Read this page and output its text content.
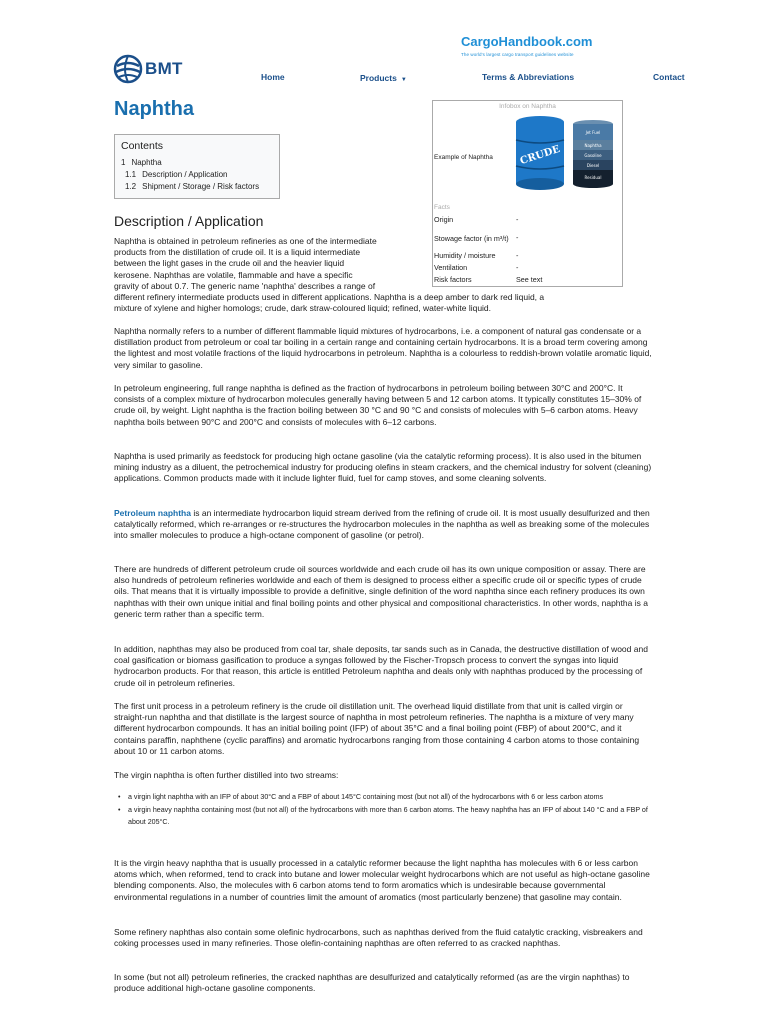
CargoHandbook.com
The world's largest cargo transport guidelines website
BMT	Home	Products ▼	Terms & Abbreviations	Contact
Naphtha
Contents
1 Naphtha
1.1 Description / Application
1.2 Shipment / Storage / Risk factors
Infobox on Naphtha
Example of Naphtha	CRUDE
Jet Fuel
Naphtha
Gasoline
Diesel
Residual
Facts
Origin	-
Stowage factor (in m³/t)	-
Humidity / moisture	-
Ventilation	-
Risk factors	See text
Description / Application
Naphtha is obtained in petroleum refineries as one of the intermediate
products from the distillation of crude oil. It is a liquid intermediate
between the light gases in the crude oil and the heavier liquid
kerosene. Naphthas are volatile, flammable and have a specific
gravity of about 0.7. The generic name 'naphtha' describes a range of
different refinery intermediate products used in different applications. Naphtha is a deep amber to dark red liquid, a
mixture of xylene and higher homologs; crude, dark straw-coloured liquid; refined, water-white liquid.
Naphtha normally refers to a number of different flammable liquid mixtures of hydrocarbons, i.e. a component of natural gas condensate or a distillation product from petroleum or coal tar boiling in a certain range and containing certain hydrocarbons. It is a broad term covering among the lightest and most volatile fractions of the liquid hydrocarbons in petroleum. Naphtha is a colourless to reddish-brown volatile aromatic liquid, very similar to gasoline.
In petroleum engineering, full range naphtha is defined as the fraction of hydrocarbons in petroleum boiling between 30°C and 200°C. It consists of a complex mixture of hydrocarbon molecules generally having between 5 and 12 carbon atoms. It typically constitutes 15–30% of crude oil, by weight. Light naphtha is the fraction boiling between 30 °C and 90 °C and consists of molecules with 5–6 carbon atoms. Heavy naphtha boils between 90°C and 200°C and consists of molecules with 6–12 carbons.
Naphtha is used primarily as feedstock for producing high octane gasoline (via the catalytic reforming process). It is also used in the bitumen mining industry as a diluent, the petrochemical industry for producing olefins in steam crackers, and the chemical industry for solvent (cleaning) applications. Common products made with it include lighter fluid, fuel for camp stoves, and some cleaning solvents.
Petroleum naphtha is an intermediate hydrocarbon liquid stream derived from the refining of crude oil. It is most usually desulfurized and then catalytically reformed, which re-arranges or re-structures the hydrocarbon molecules in the naphtha as well as breaking some of the molecules into smaller molecules to produce a high-octane component of gasoline (or petrol).
There are hundreds of different petroleum crude oil sources worldwide and each crude oil has its own unique composition or assay. There are also hundreds of petroleum refineries worldwide and each of them is designed to process either a specific crude oil or specific types of crude oils. That means that it is virtually impossible to provide a definitive, single definition of the word naphtha since each refinery produces its own naphthas with their own unique initial and final boiling points and other physical and compositional characteristics. In other words, naphtha is a generic term rather than a specific term.
In addition, naphthas may also be produced from coal tar, shale deposits, tar sands such as in Canada, the destructive distillation of wood and coal gasification or biomass gasification to produce a syngas followed by the Fischer-Tropsch process to convert the syngas into liquid hydrocarbon products. For that reason, this article is entitled Petroleum naphtha and deals only with naphthas produced by the processing of crude oil in petroleum refineries.
The first unit process in a petroleum refinery is the crude oil distillation unit. The overhead liquid distillate from that unit is called virgin or straight-run naphtha and that distillate is the largest source of naphtha in most petroleum refineries. The naphtha is a mixture of very many different hydrocarbon compounds. It has an initial boiling point (IFP) of about 35°C and a final boiling point (FBP) of about 200°C, and it contains paraffin, naphthene (cyclic paraffins) and aromatic hydrocarbons ranging from those containing 4 carbon atoms to those containing about 10 or 11 carbon atoms.
The virgin naphtha is often further distilled into two streams:
•	a virgin light naphtha with an IFP of about 30°C and a FBP of about 145°C containing most (but not all) of the hydrocarbons with 6 or less carbon atoms
•	a virgin heavy naphtha containing most (but not all) of the hydrocarbons with more than 6 carbon atoms. The heavy naphtha has an IFP of about 140 °C and a FBP of about 205°C.
It is the virgin heavy naphtha that is usually processed in a catalytic reformer because the light naphtha has molecules with 6 or less carbon atoms which, when reformed, tend to crack into butane and lower molecular weight hydrocarbons which are not useful as high-octane gasoline blending components. Also, the molecules with 6 carbon atoms tend to form aromatics which is undesirable because governmental environmental regulations in a number of countries limit the amount of aromatics (most particularly benzene) that gasoline may contain.
Some refinery naphthas also contain some olefinic hydrocarbons, such as naphthas derived from the fluid catalytic cracking, visbreakers and coking processes used in many refineries. Those olefin-containing naphthas are often referred to as cracked naphthas.
In some (but not all) petroleum refineries, the cracked naphthas are desulfurized and catalytically reformed (as are the virgin naphthas) to produce additional high-octane gasoline components.
